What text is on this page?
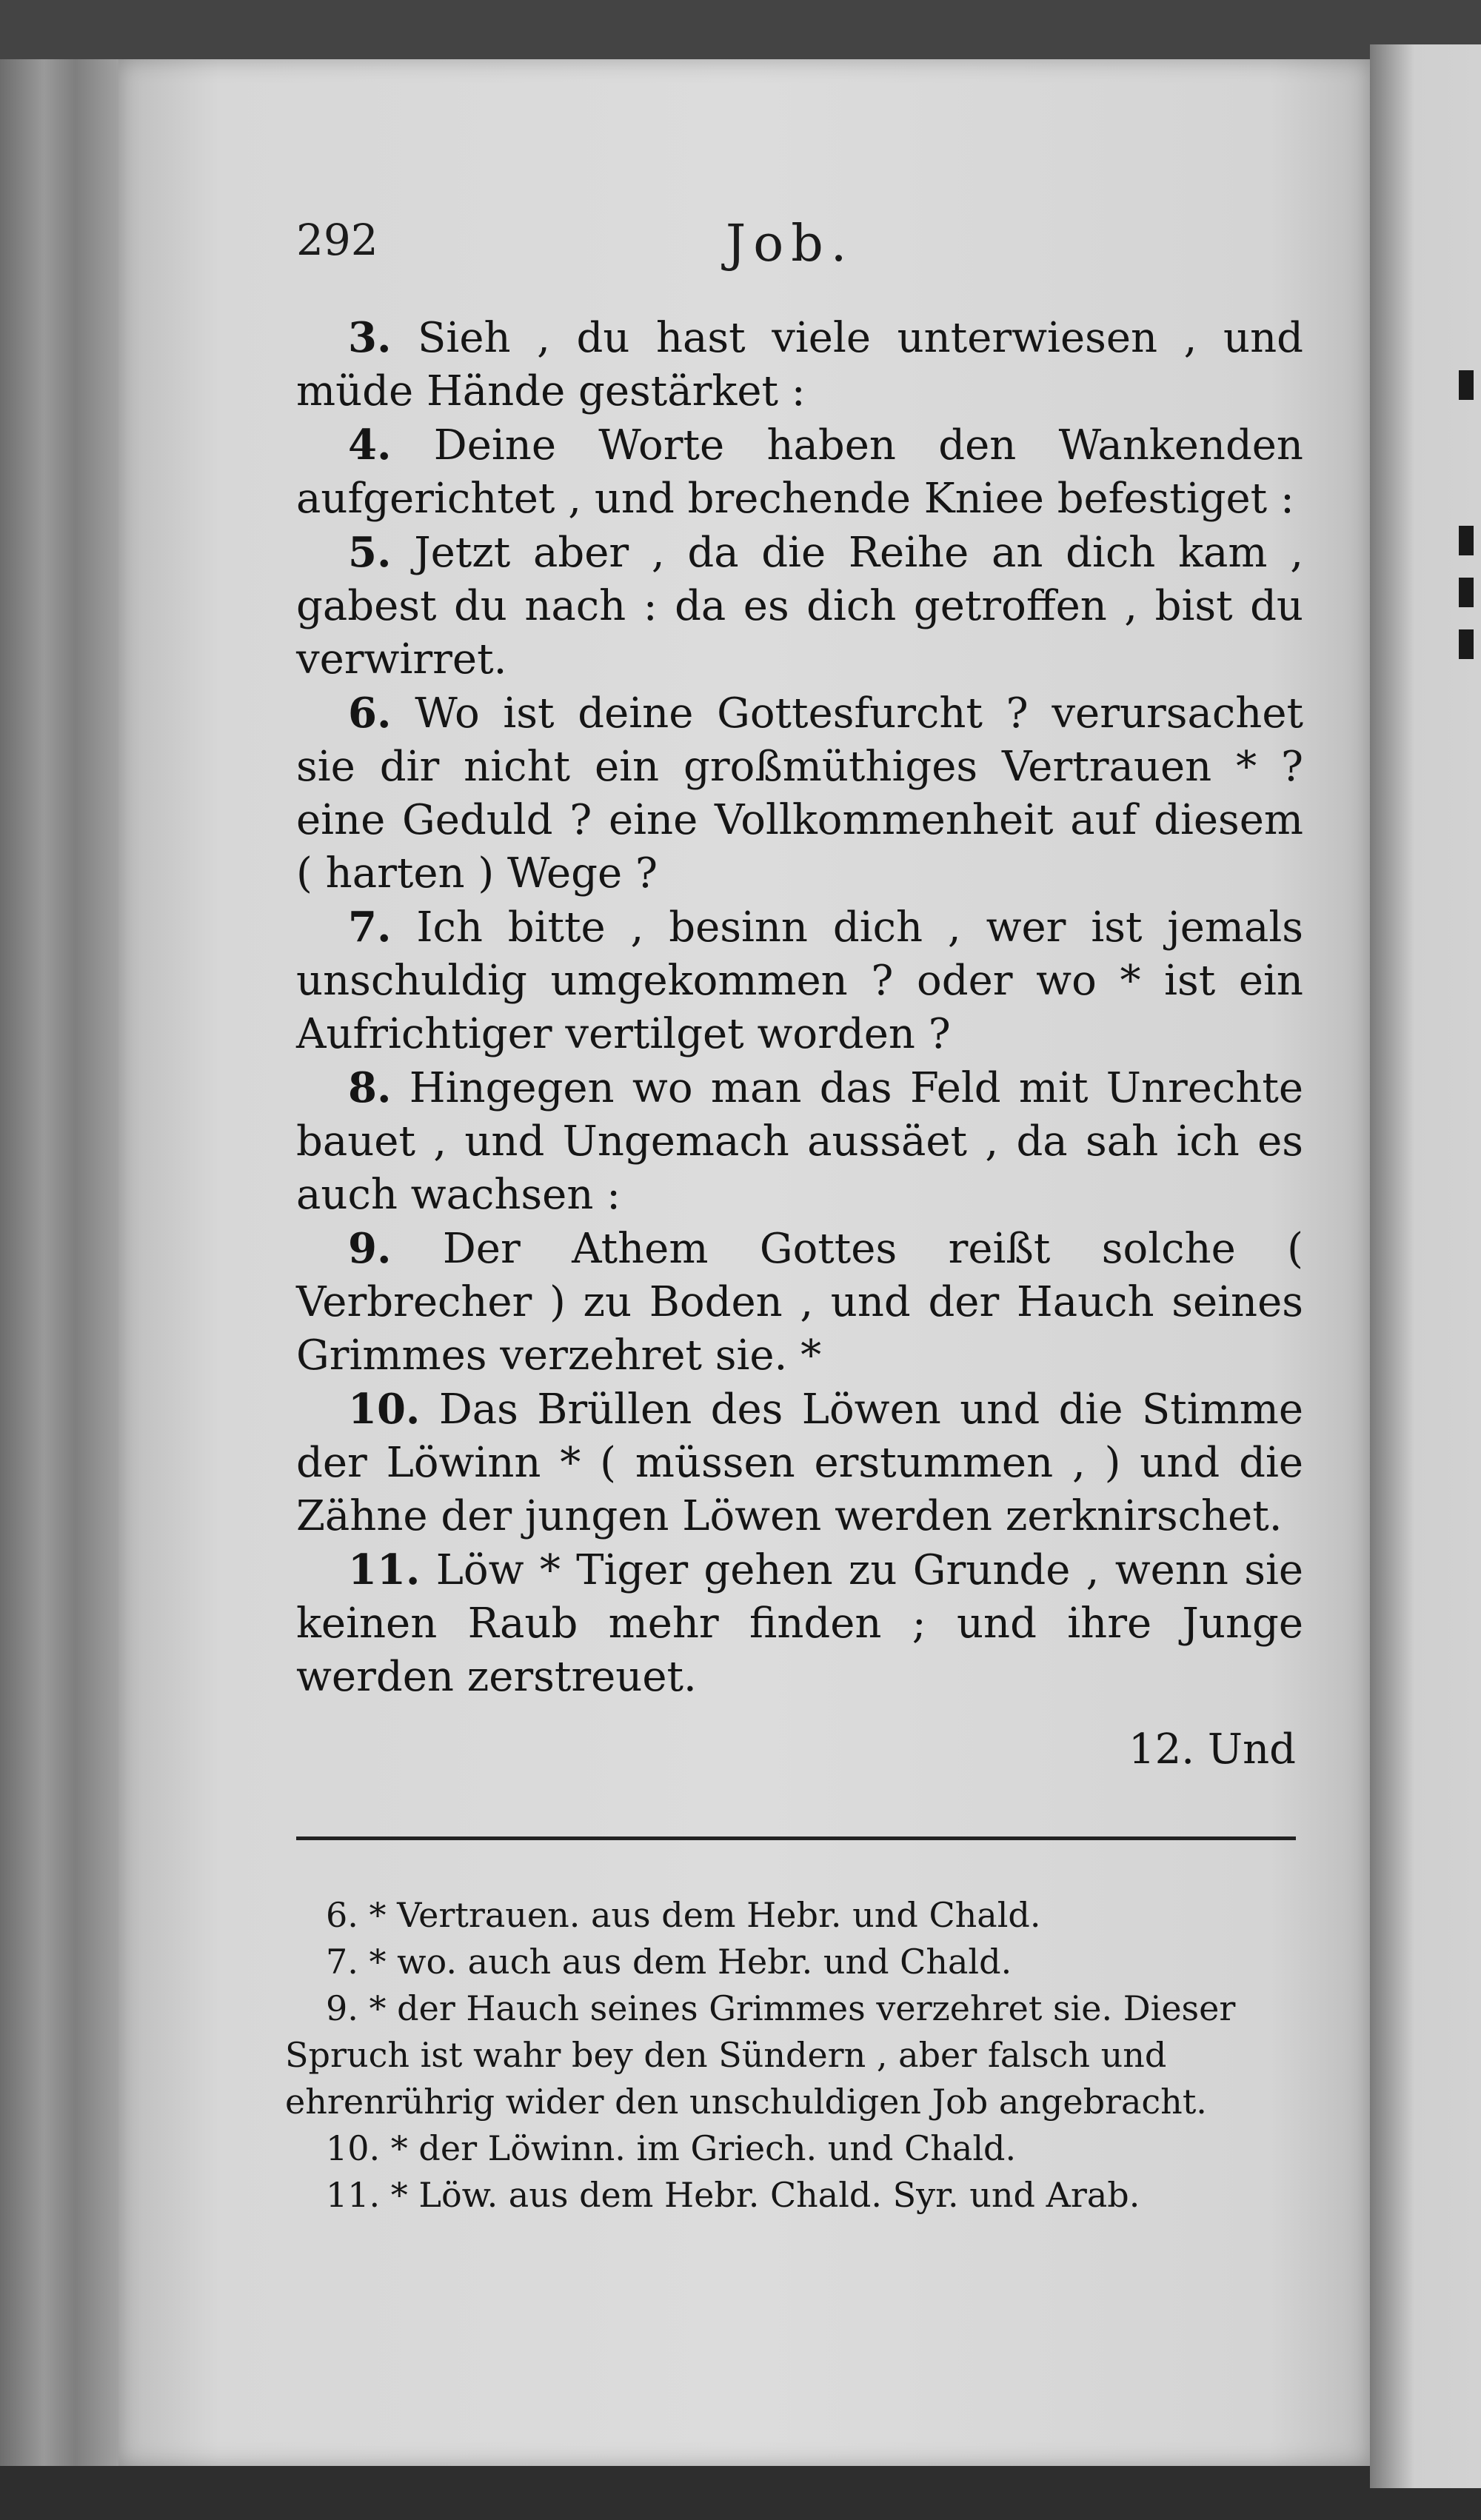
292	Job.

3. Sieh , du hast viele unterwiesen , und müde Hände gestärket :

4. Deine Worte haben den Wankenden aufgerichtet , und brechende Kniee befestiget :

5. Jetzt aber , da die Reihe an dich kam , gabest du nach : da es dich getroffen , bist du verwirret.

6. Wo ist deine Gottesfurcht ? verursachet sie dir nicht ein großmüthiges Vertrauen * ? eine Geduld ? eine Vollkommenheit auf diesem ( harten ) Wege ?

7. Ich bitte , besinn dich , wer ist jemals unschuldig umgekommen ? oder wo * ist ein Aufrichtiger vertilget worden ?

8. Hingegen wo man das Feld mit Unrechte bauet , und Ungemach aussäet , da sah ich es auch wachsen :

9. Der Athem Gottes reißt solche ( Verbrecher ) zu Boden , und der Hauch seines Grimmes verzehret sie. *

10. Das Brüllen des Löwen und die Stimme der Löwinn * ( müssen erstummen , ) und die Zähne der jungen Löwen werden zerknirschet.

11. Löw * Tiger gehen zu Grunde , wenn sie keinen Raub mehr finden ; und ihre Junge werden zerstreuet.

12. Und

6. * Vertrauen. aus dem Hebr. und Chald.

7. * wo. auch aus dem Hebr. und Chald.

9. * der Hauch seines Grimmes verzehret sie. Dieser Spruch ist wahr bey den Sündern , aber falsch und ehrenrührig wider den unschuldigen Job angebracht.

10. * der Löwinn. im Griech. und Chald.

11. * Löw. aus dem Hebr. Chald. Syr. und Arab.
